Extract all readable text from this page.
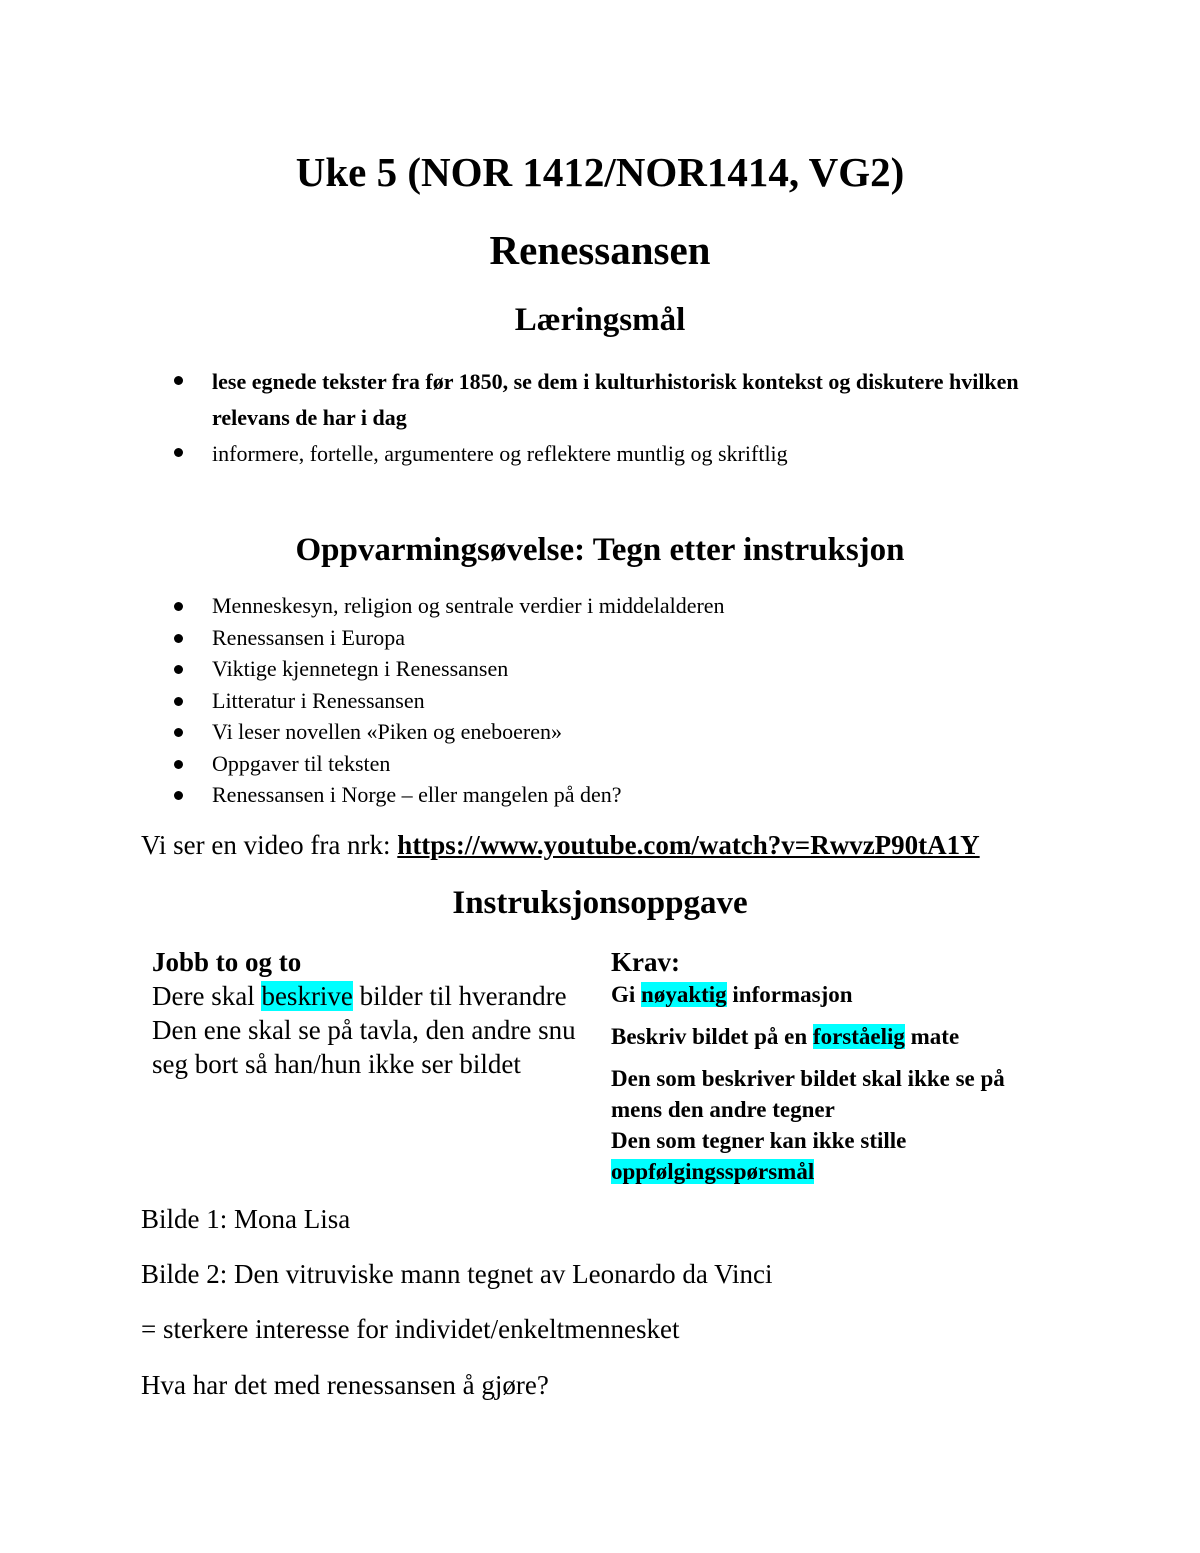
Uke 5 (NOR 1412/NOR1414, VG2)
Renessansen
Læringsmål
lese egnede tekster fra før 1850, se dem i kulturhistorisk kontekst og diskutere hvilken relevans de har i dag
informere, fortelle, argumentere og reflektere muntlig og skriftlig
Oppvarmingsøvelse: Tegn etter instruksjon
Menneskesyn, religion og sentrale verdier i middelalderen
Renessansen i Europa
Viktige kjennetegn i Renessansen
Litteratur i Renessansen
Vi leser novellen «Piken og eneboeren»
Oppgaver til teksten
Renessansen i Norge – eller mangelen på den?
Vi ser en video fra nrk: https://www.youtube.com/watch?v=RwvzP90tA1Y
Instruksjonsoppgave
Jobb to og to
Dere skal beskrive bilder til hverandre
Den ene skal se på tavla, den andre snu seg bort så han/hun ikke ser bildet
Krav:

Gi nøyaktig informasjon

Beskriv bildet på en forståelig mate

Den som beskriver bildet skal ikke se på mens den andre tegner

Den som tegner kan ikke stille
oppfølgingsspørsmål

Bilde 1: Mona Lisa

Bilde 2: Den vitruviske mann tegnet av Leonardo da Vinci

= sterkere interesse for individet/enkeltmennesket

Hva har det med renessansen å gjøre?
